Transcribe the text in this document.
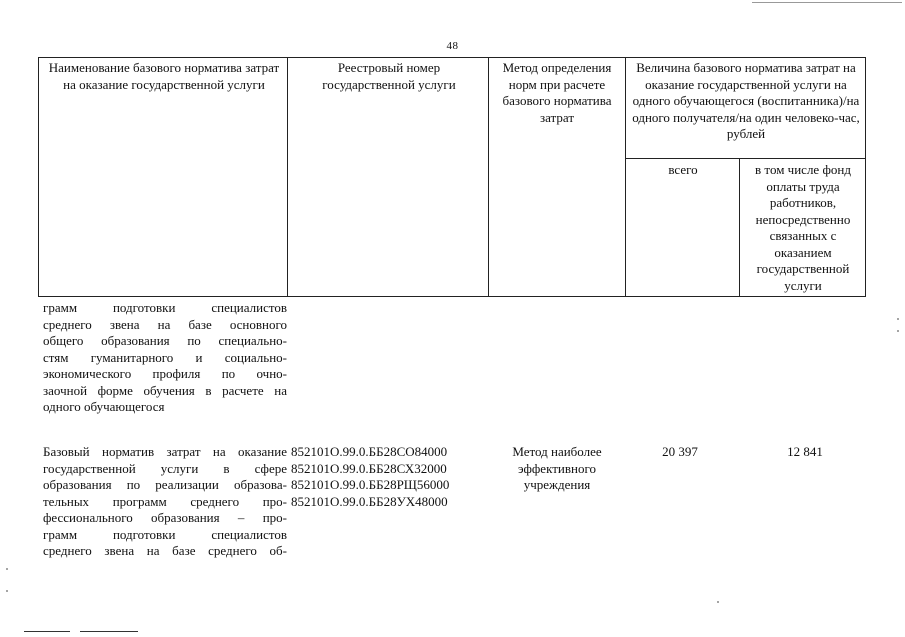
48
Наименование базового норматива затрат на оказание государственной услуги
Реестровый номер государственной услуги
Метод определения норм при расчете базового норматива затрат
Величина базового норматива затрат на оказание государственной услуги на одного обучающегося (воспитанника)/на одного получателя/на один человеко-час, рублей
всего	в том числе фонд оплаты труда работников, непосредственно связанных с оказанием государственной услуги
грамм подготовки специалистов
среднего звена на базе основного
общего образования по специально-
стям гуманитарного и социально-
экономического профиля по очно-
заочной форме обучения в расчете на
одного обучающегося
Базовый норматив затрат на оказание
государственной услуги в сфере
образования по реализации образова-
тельных программ среднего про-
фессионального образования – про-
грамм подготовки специалистов
среднего звена на базе среднего об-
852101О.99.0.ББ28СО84000
852101О.99.0.ББ28СХ32000
852101О.99.0.ББ28РЩ56000
852101О.99.0.ББ28УХ48000
Метод наиболее эффективного учреждения
20 397	12 841
